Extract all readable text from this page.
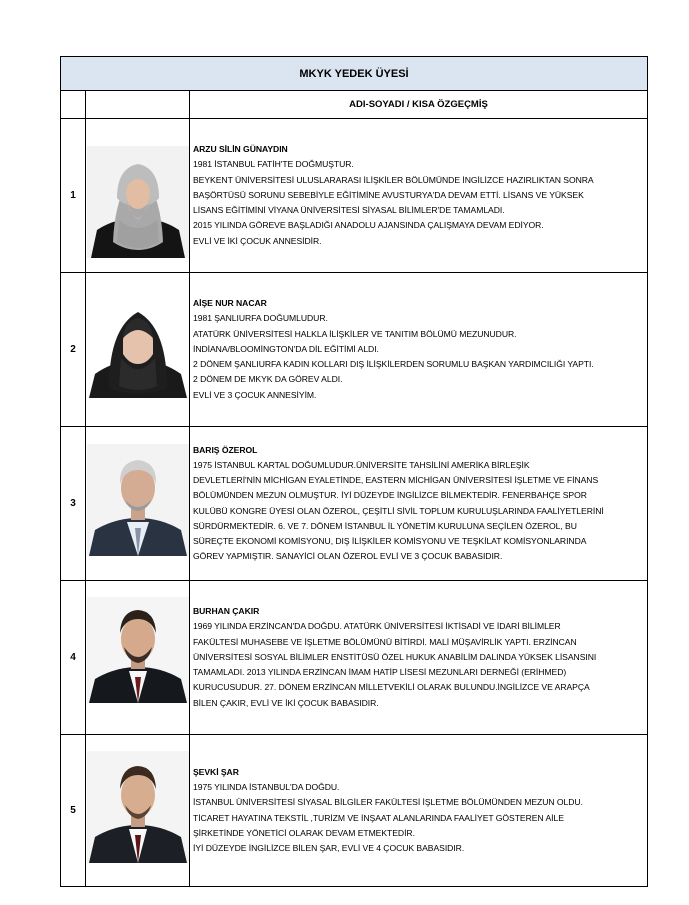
MKYK YEDEK ÜYESİ
ADI-SOYADI / KISA ÖZGEÇMİŞ
1
ARZU SİLİN GÜNAYDIN
1981 İSTANBUL FATİH'TE DOĞMUŞTUR.
BEYKENT ÜNİVERSİTESİ ULUSLARARASI İLİŞKİLER BÖLÜMÜNDE İNGİLİZCE HAZIRLIKTAN SONRA
BAŞÖRTÜSÜ SORUNU SEBEBİYLE EĞİTİMİNE AVUSTURYA'DA DEVAM ETTİ. LİSANS VE YÜKSEK
LİSANS EĞİTİMİNİ VİYANA ÜNİVERSİTESİ SİYASAL BİLİMLER'DE TAMAMLADI.
2015 YILINDA GÖREVE BAŞLADIĞI ANADOLU AJANSINDA ÇALIŞMAYA DEVAM EDİYOR.
EVLİ VE İKİ ÇOCUK ANNESİDİR.
2
AİŞE NUR NACAR
1981 ŞANLIURFA DOĞUMLUDUR.
ATATÜRK ÜNİVERSİTESİ HALKLA İLİŞKİLER VE TANITIM BÖLÜMÜ MEZUNUDUR.
İNDİANA/BLOOMİNGTON'DA DİL EĞİTİMİ ALDI.
2 DÖNEM ŞANLIURFA KADIN KOLLARI DIŞ İLİŞKİLERDEN SORUMLU BAŞKAN YARDIMCILIĞI YAPTI.
2 DÖNEM DE MKYK DA GÖREV ALDI.
EVLİ VE 3 ÇOCUK ANNESİYİM.
3
BARIŞ ÖZEROL
1975 İSTANBUL KARTAL DOĞUMLUDUR.ÜNİVERSİTE TAHSİLİNİ AMERİKA BİRLEŞİK
DEVLETLERİ'NİN MİCHİGAN EYALETİNDE, EASTERN MİCHİGAN ÜNİVERSİTESİ İŞLETME VE FİNANS
BÖLÜMÜNDEN MEZUN OLMUŞTUR. İYİ DÜZEYDE İNGİLİZCE BİLMEKTEDİR. FENERBAHÇE SPOR
KULÜBÜ KONGRE ÜYESİ OLAN ÖZEROL, ÇEŞİTLİ SİVİL TOPLUM KURULUŞLARINDA FAALİYETLERİNİ
SÜRDÜRMEKTEDİR. 6. VE 7. DÖNEM İSTANBUL İL YÖNETİM KURULUNA SEÇİLEN ÖZEROL, BU
SÜREÇTE EKONOMİ KOMİSYONU, DIŞ İLİŞKİLER KOMİSYONU VE TEŞKİLAT KOMİSYONLARINDA
GÖREV YAPMIŞTIR. SANAYİCİ OLAN ÖZEROL EVLİ VE 3 ÇOCUK BABASIDIR.
4
BURHAN ÇAKIR
1969 YILINDA ERZİNCAN'DA DOĞDU. ATATÜRK ÜNİVERSİTESİ İKTİSADİ VE İDARİ BİLİMLER
FAKÜLTESİ MUHASEBE VE İŞLETME BÖLÜMÜNÜ BİTİRDİ. MALİ MÜŞAVİRLİK YAPTI. ERZİNCAN
ÜNİVERSİTESİ SOSYAL BİLİMLER ENSTİTÜSÜ ÖZEL HUKUK ANABİLİM DALINDA YÜKSEK LİSANSINI
TAMAMLADI. 2013 YILINDA ERZİNCAN İMAM HATİP LİSESİ MEZUNLARI DERNEĞİ (ERİHMED)
KURUCUSUDUR. 27. DÖNEM ERZİNCAN MİLLETVEKİLİ OLARAK BULUNDU.İNGİLİZCE VE ARAPÇA
BİLEN ÇAKIR, EVLİ VE İKİ ÇOCUK BABASIDIR.
5
ŞEVKİ ŞAR
1975 YILINDA İSTANBUL'DA DOĞDU.
İSTANBUL ÜNİVERSİTESİ SİYASAL BİLGİLER FAKÜLTESİ İŞLETME BÖLÜMÜNDEN MEZUN OLDU.
TİCARET HAYATINA TEKSTİL ,TURİZM VE İNŞAAT ALANLARINDA FAALİYET GÖSTEREN AİLE
ŞİRKETİNDE YÖNETİCİ OLARAK DEVAM ETMEKTEDİR.
İYİ DÜZEYDE İNGİLİZCE BİLEN ŞAR, EVLİ VE 4 ÇOCUK BABASIDIR.
